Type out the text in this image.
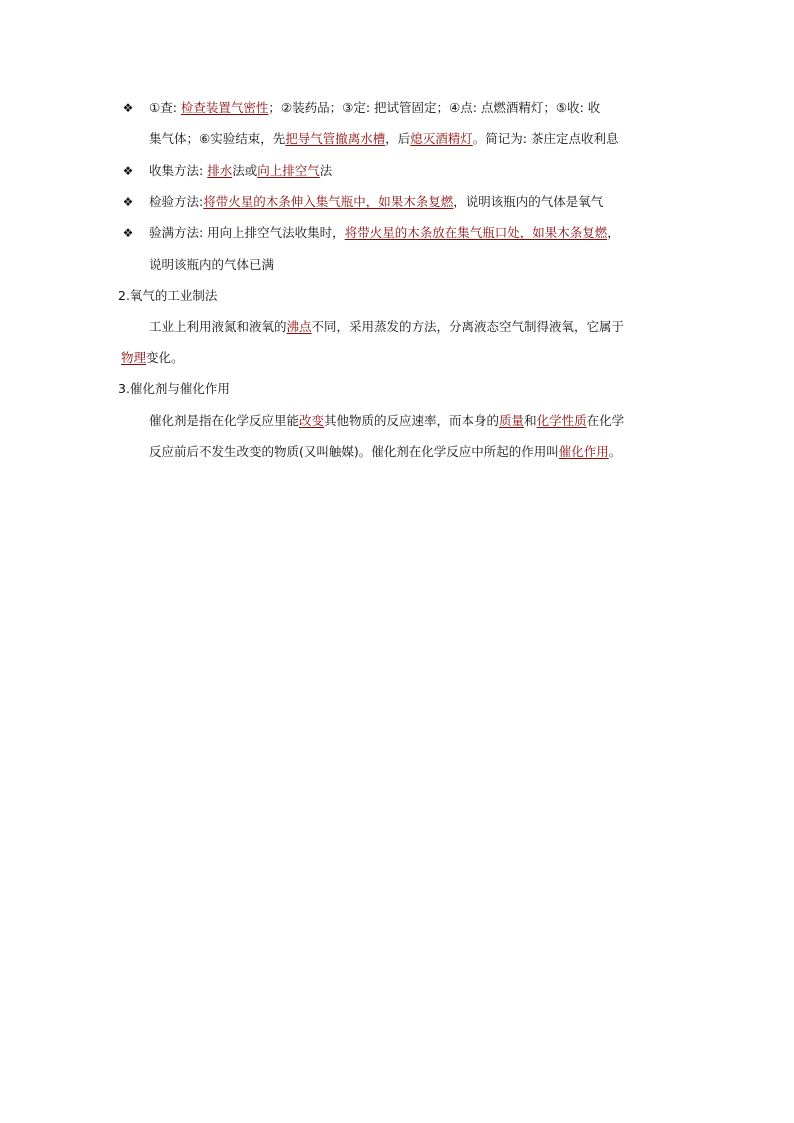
❖ ①查: 检查装置气密性；②装药品；③定: 把试管固定；④点: 点燃酒精灯；⑤收: 收
集气体；⑥实验结束，先把导气管撤离水槽，后熄灭酒精灯。简记为: 茶庄定点收利息
❖ 收集方法: 排水法或向上排空气法
❖ 检验方法:将带火星的木条伸入集气瓶中，如果木条复燃，说明该瓶内的气体是氧气
❖ 验满方法: 用向上排空气法收集时，将带火星的木条放在集气瓶口处，如果木条复燃，
说明该瓶内的气体已满
2.氧气的工业制法
工业上利用液氮和液氧的沸点不同，采用蒸发的方法，分离液态空气制得液氧，它属于
物理变化。
3.催化剂与催化作用
催化剂是指在化学反应里能改变其他物质的反应速率，而本身的质量和化学性质在化学
反应前后不发生改变的物质(又叫触媒)。催化剂在化学反应中所起的作用叫催化作用。
